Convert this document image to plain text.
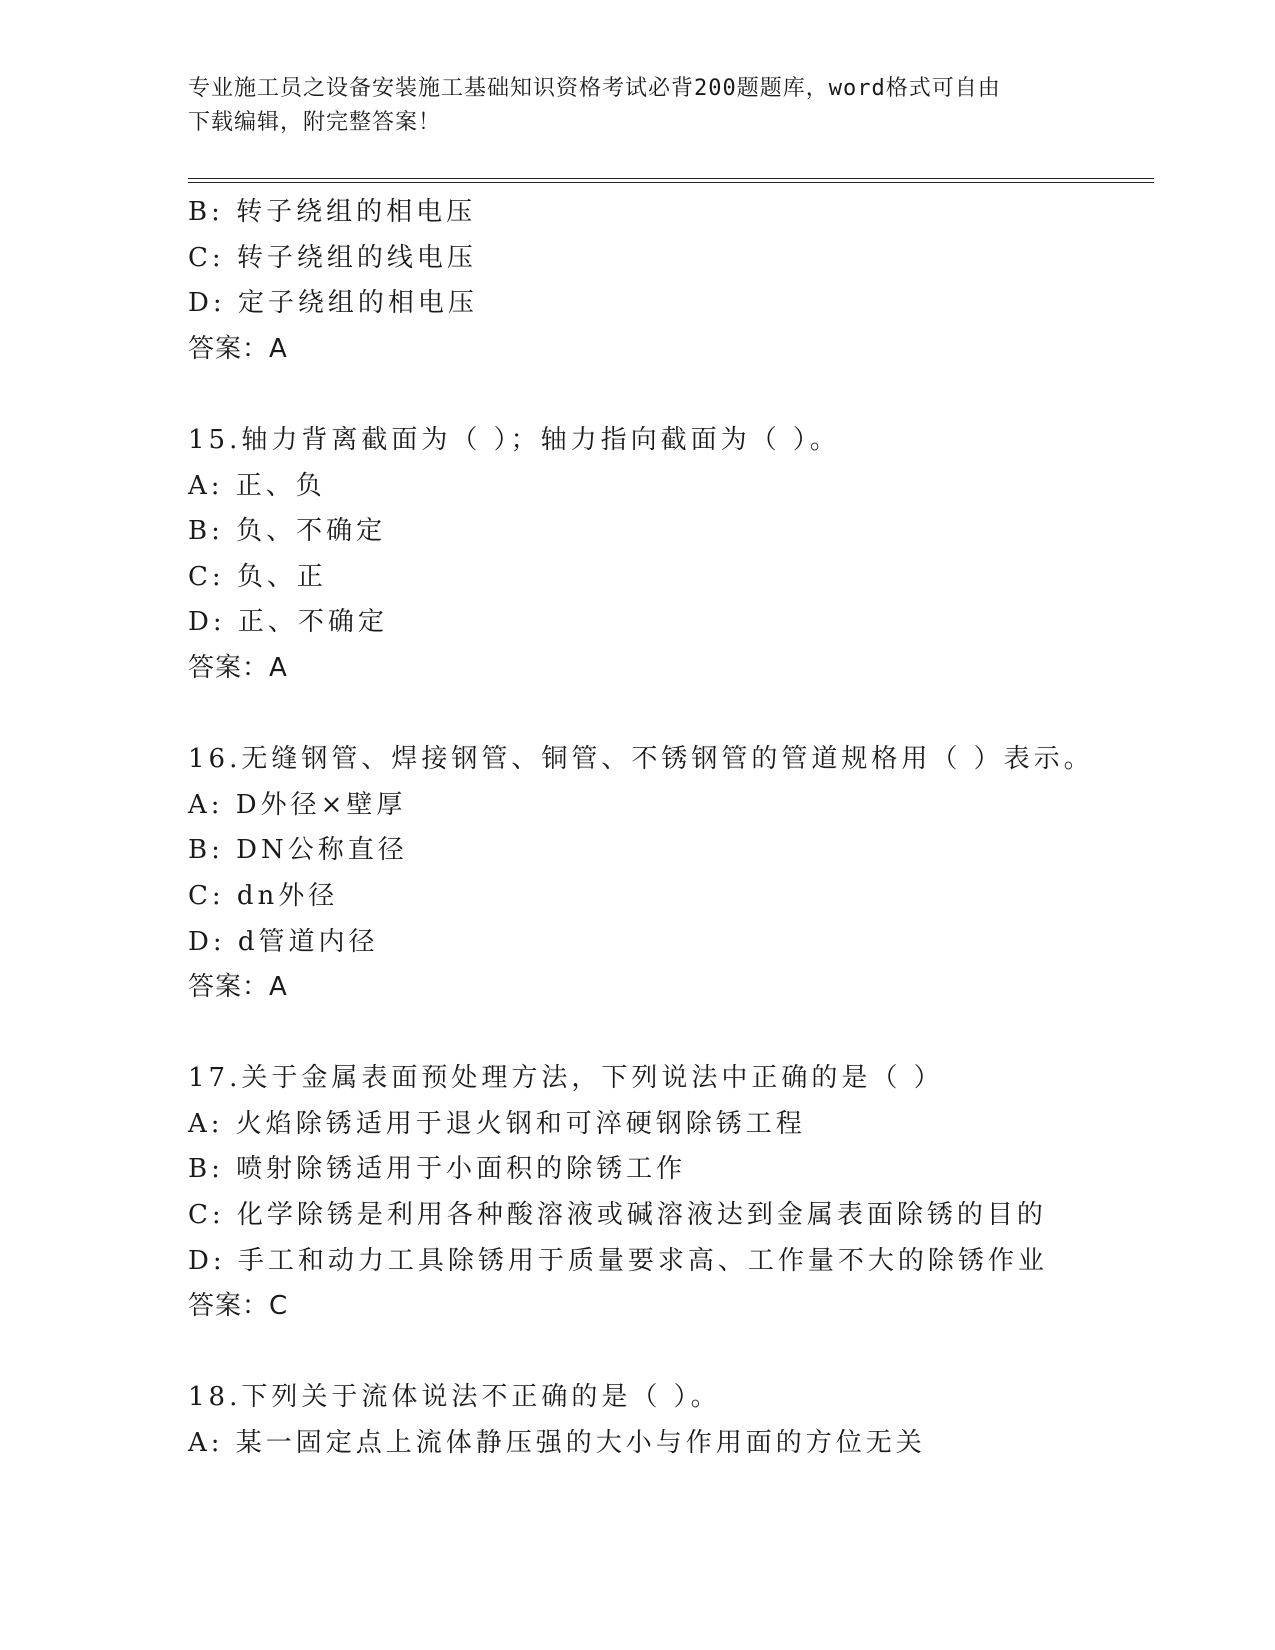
专业施工员之设备安装施工基础知识资格考试必背200题题库，word格式可自由
下载编辑，附完整答案！
B: 转子绕组的相电压
C: 转子绕组的线电压
D: 定子绕组的相电压
答案：A
15.轴力背离截面为（ ）；轴力指向截面为（ ）。
A: 正、负
B: 负、不确定
C: 负、正
D: 正、不确定
答案：A
16.无缝钢管、焊接钢管、铜管、不锈钢管的管道规格用（ ）表示。
A: D外径×壁厚
B: DN公称直径
C: dn外径
D: d管道内径
答案：A
17.关于金属表面预处理方法，下列说法中正确的是（ ）
A: 火焰除锈适用于退火钢和可淬硬钢除锈工程
B: 喷射除锈适用于小面积的除锈工作
C: 化学除锈是利用各种酸溶液或碱溶液达到金属表面除锈的目的
D: 手工和动力工具除锈用于质量要求高、工作量不大的除锈作业
答案：C
18.下列关于流体说法不正确的是（ ）。
A: 某一固定点上流体静压强的大小与作用面的方位无关
